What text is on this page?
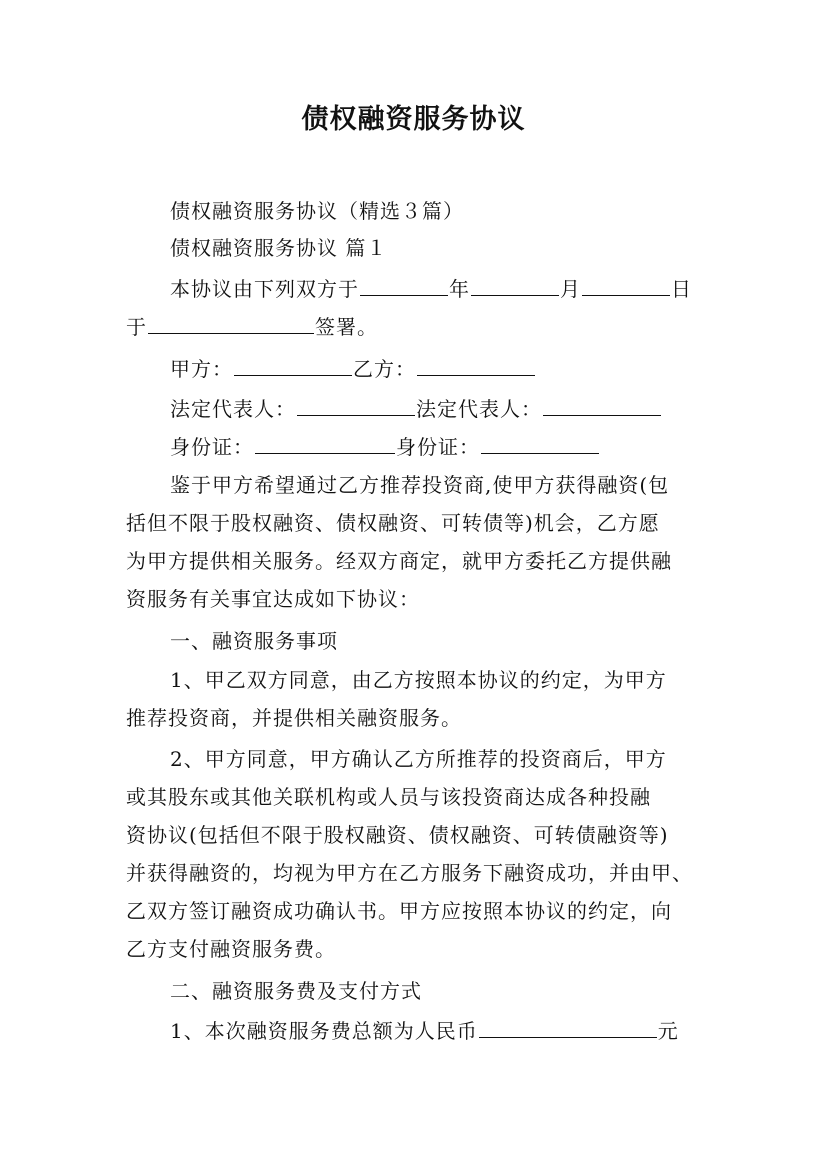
债权融资服务协议
债权融资服务协议（精选３篇）
债权融资服务协议 篇１
本协议由下列双方于	年	月	日
于	签署。
甲方：	乙方：
法定代表人：	法定代表人：
身份证：	身份证：
鉴于甲方希望通过乙方推荐投资商,使甲方获得融资(包
括但不限于股权融资、债权融资、可转债等)机会，乙方愿
为甲方提供相关服务。经双方商定，就甲方委托乙方提供融
资服务有关事宜达成如下协议：
一、融资服务事项
1、甲乙双方同意，由乙方按照本协议的约定，为甲方
推荐投资商，并提供相关融资服务。
2、甲方同意，甲方确认乙方所推荐的投资商后，甲方
或其股东或其他关联机构或人员与该投资商达成各种投融
资协议(包括但不限于股权融资、债权融资、可转债融资等)
并获得融资的，均视为甲方在乙方服务下融资成功，并由甲、
乙双方签订融资成功确认书。甲方应按照本协议的约定，向
乙方支付融资服务费。
二、融资服务费及支付方式
1、本次融资服务费总额为人民币	元
